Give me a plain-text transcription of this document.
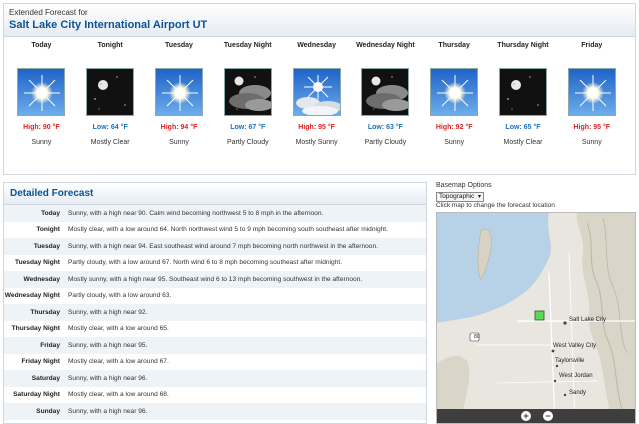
Extended Forecast for
Salt Lake City International Airport UT
Today
High: 90 °F
Sunny
Tonight
Low: 64 °F
Mostly Clear
Tuesday
High: 94 °F
Sunny
Tuesday Night
Low: 67 °F
Partly Cloudy
Wednesday
High: 95 °F
Mostly Sunny
Wednesday Night
Low: 63 °F
Partly Cloudy
Thursday
High: 92 °F
Sunny
Thursday Night
Low: 65 °F
Mostly Clear
Friday
High: 95 °F
Sunny
Detailed Forecast
Today	Sunny, with a high near 90. Calm wind becoming northwest 5 to 8 mph in the afternoon.
Tonight	Mostly clear, with a low around 64. North northwest wind 5 to 9 mph becoming south southeast after midnight.
Tuesday	Sunny, with a high near 94. East southeast wind around 7 mph becoming north northwest in the afternoon.
Tuesday Night	Partly cloudy, with a low around 67. North wind 6 to 8 mph becoming southeast after midnight.
Wednesday	Mostly sunny, with a high near 95. Southeast wind 6 to 13 mph becoming southwest in the afternoon.
Wednesday Night	Partly cloudy, with a low around 63.
Thursday	Sunny, with a high near 92.
Thursday Night	Mostly clear, with a low around 65.
Friday	Sunny, with a high near 95.
Friday Night	Mostly clear, with a low around 67.
Saturday	Sunny, with a high near 96.
Saturday Night	Mostly clear, with a low around 68.
Sunday	Sunny, with a high near 96.
Basemap Options
Topographic ▾
Click map to change the forecast location
80
Salt Lake City
West Valley City
Taylorsville
West Jordan
Sandy
+ −
